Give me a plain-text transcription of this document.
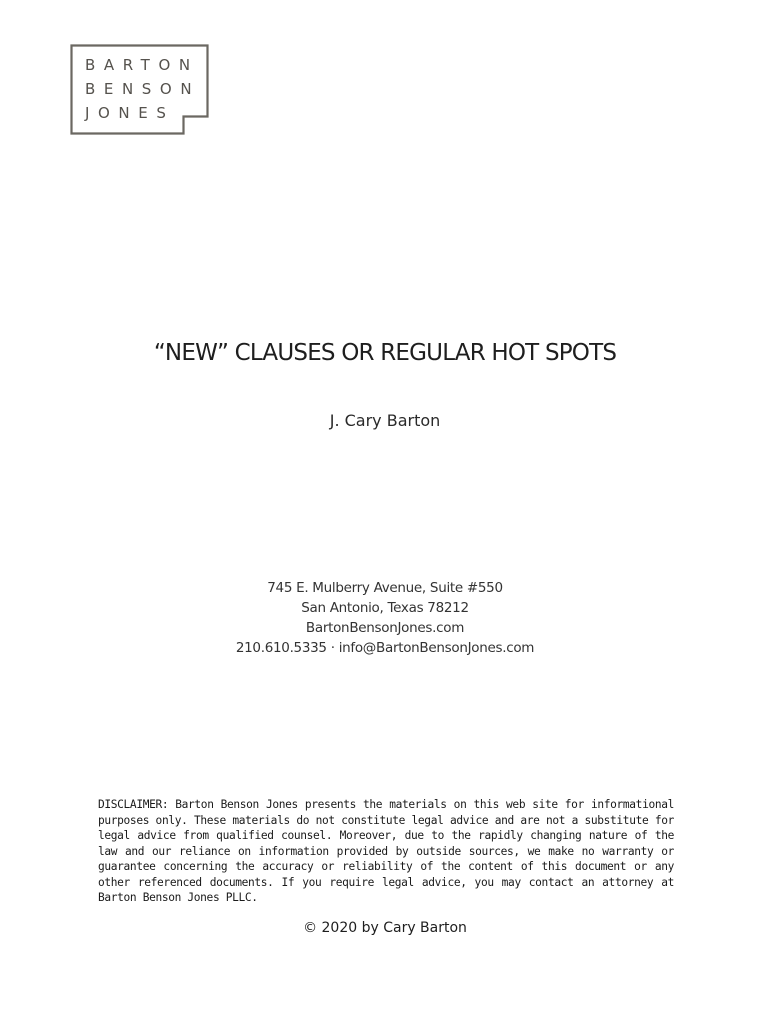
BARTON
BENSON
JONES
“NEW” CLAUSES OR REGULAR HOT SPOTS
J. Cary Barton
745 E. Mulberry Avenue, Suite #550
San Antonio, Texas 78212
BartonBensonJones.com
210.610.5335 · info@BartonBensonJones.com
DISCLAIMER: Barton Benson Jones presents the materials on this web site for informational purposes only. These materials do not constitute legal advice and are not a substitute for legal advice from qualified counsel. Moreover, due to the rapidly changing nature of the law and our reliance on information provided by outside sources, we make no warranty or guarantee concerning the accuracy or reliability of the content of this document or any other referenced documents. If you require legal advice, you may contact an attorney at Barton Benson Jones PLLC.
© 2020 by Cary Barton
